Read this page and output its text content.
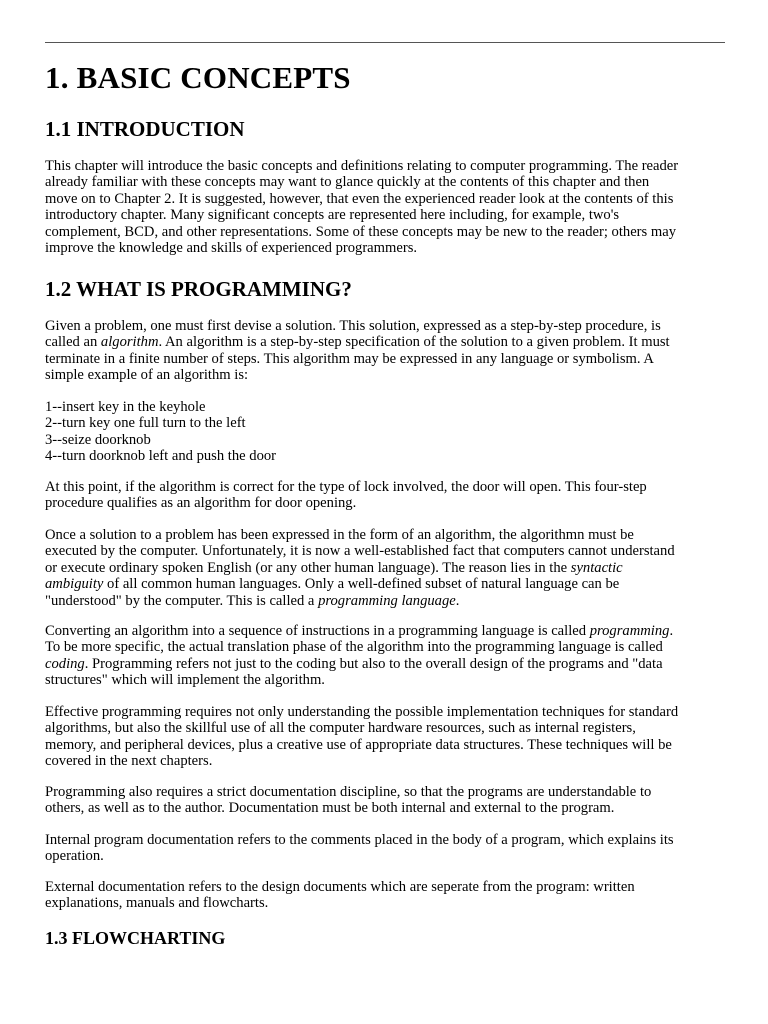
1. BASIC CONCEPTS
1.1 INTRODUCTION

This chapter will introduce the basic concepts and definitions relating to computer programming. The reader
already familiar with these concepts may want to glance quickly at the contents of this chapter and then
move on to Chapter 2. It is suggested, however, that even the experienced reader look at the contents of this
introductory chapter. Many significant concepts are represented here including, for example, two's
complement, BCD, and other representations. Some of these concepts may be new to the reader; others may
improve the knowledge and skills of experienced programmers.

1.2 WHAT IS PROGRAMMING?

Given a problem, one must first devise a solution. This solution, expressed as a step-by-step procedure, is
called an algorithm. An algorithm is a step-by-step specification of the solution to a given problem. It must
terminate in a finite number of steps. This algorithm may be expressed in any language or symbolism. A
simple example of an algorithm is:

1--insert key in the keyhole
2--turn key one full turn to the left
3--seize doorknob
4--turn doorknob left and push the door

At this point, if the algorithm is correct for the type of lock involved, the door will open. This four-step
procedure qualifies as an algorithm for door opening.

Once a solution to a problem has been expressed in the form of an algorithm, the algorithmn must be
executed by the computer. Unfortunately, it is now a well-established fact that computers cannot understand
or execute ordinary spoken English (or any other human language). The reason lies in the syntactic
ambiguity of all common human languages. Only a well-defined subset of natural language can be
"understood" by the computer. This is called a programming language.

Converting an algorithm into a sequence of instructions in a programming language is called programming.
To be more specific, the actual translation phase of the algorithm into the programming language is called
coding. Programming refers not just to the coding but also to the overall design of the programs and "data
structures" which will implement the algorithm.

Effective programming requires not only understanding the possible implementation techniques for standard
algorithms, but also the skillful use of all the computer hardware resources, such as internal registers,
memory, and peripheral devices, plus a creative use of appropriate data structures. These techniques will be
covered in the next chapters.

Programming also requires a strict documentation discipline, so that the programs are understandable to
others, as well as to the author. Documentation must be both internal and external to the program.

Internal program documentation refers to the comments placed in the body of a program, which explains its
operation.

External documentation refers to the design documents which are seperate from the program: written
explanations, manuals and flowcharts.

1.3 FLOWCHARTING
